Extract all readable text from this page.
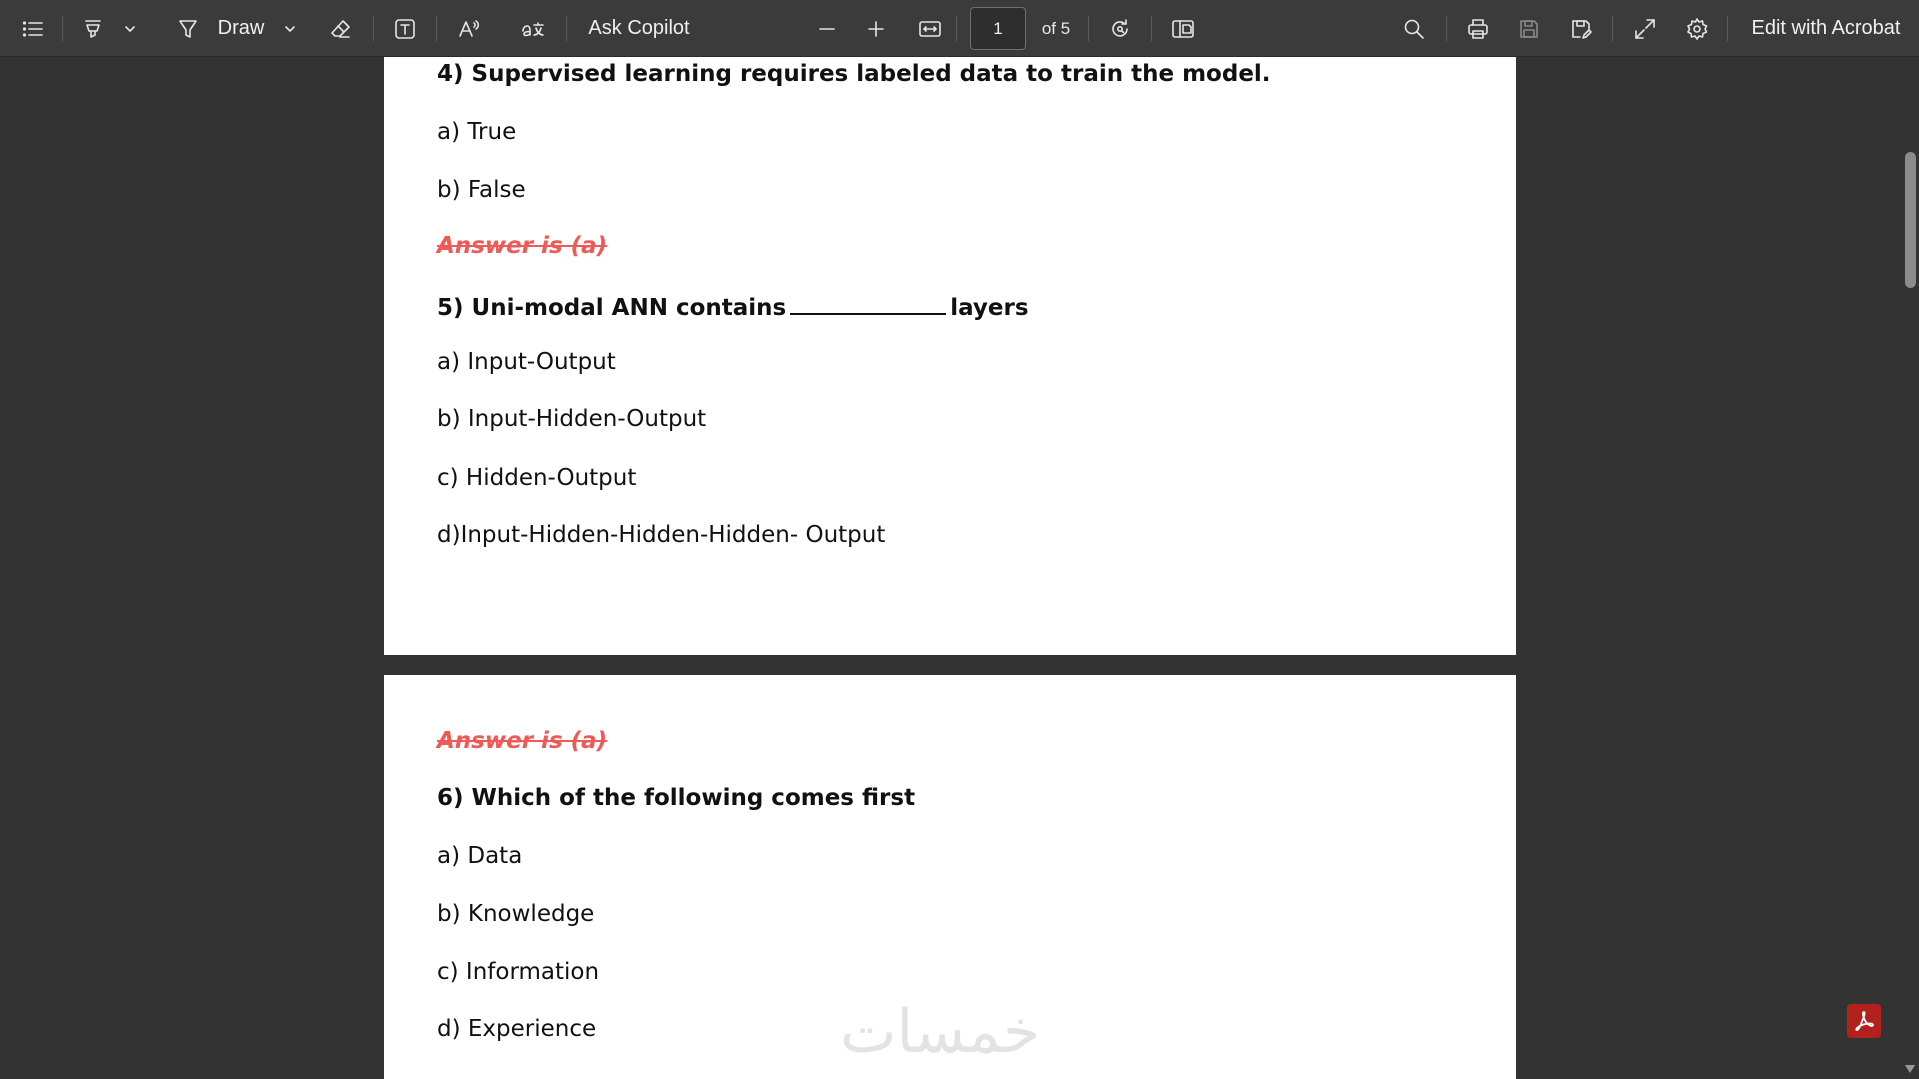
Draw	Ask Copilot	1	of 5	Edit with Acrobat
4) Supervised learning requires labeled data to train the model.
a) True
b) False
Answer is (a)
5) Uni-modal ANN contains	layers
a) Input-Output
b) Input-Hidden-Output
c) Hidden-Output
d)Input-Hidden-Hidden-Hidden- Output
Answer is (a)
6) Which of the following comes first
a) Data
b) Knowledge
c) Information
d) Experience	خمسات
